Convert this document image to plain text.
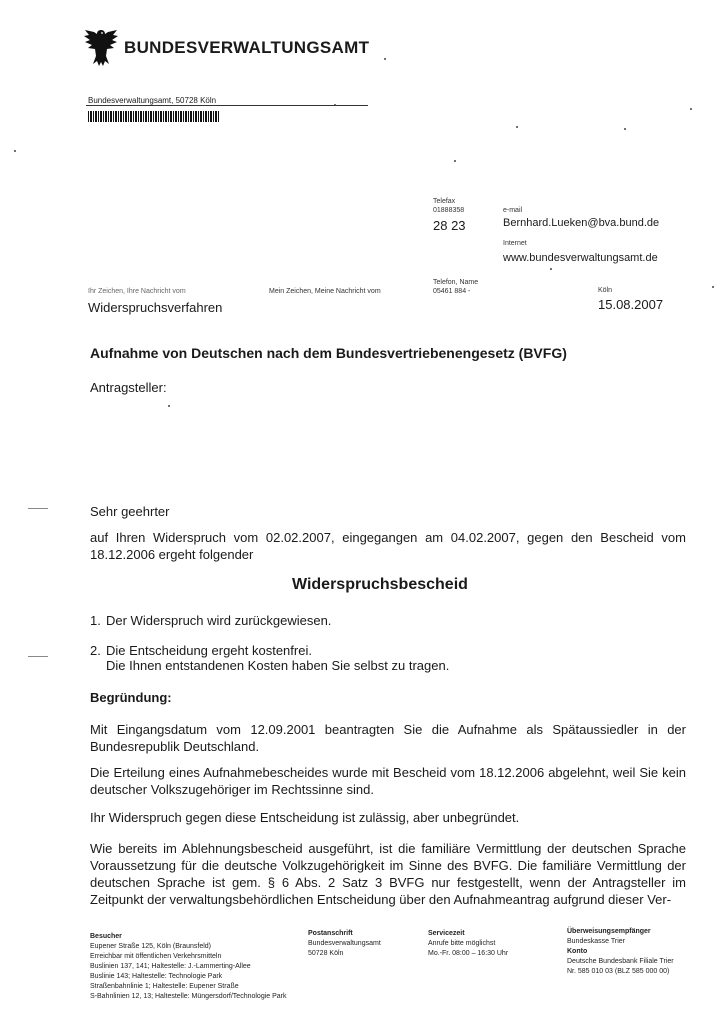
BUNDESVERWALTUNGSAMT
Bundesverwaltungsamt, 50728 Köln
Telefax
01888358
28 23
e-mail
Bernhard.Lueken@bva.bund.de
Internet
www.bundesverwaltungsamt.de
Telefon, Name
05461 884 -	Köln
15.08.2007
Ihr Zeichen, Ihre Nachricht vom	Mein Zeichen, Meine Nachricht vom
Widerspruchsverfahren
Aufnahme von Deutschen nach dem Bundesvertriebenengesetz (BVFG)
Antragsteller:
Sehr geehrter
auf Ihren Widerspruch vom 02.02.2007, eingegangen am 04.02.2007, gegen den Bescheid vom 18.12.2006 ergeht folgender
Widerspruchsbescheid
1. Der Widerspruch wird zurückgewiesen.
2. Die Entscheidung ergeht kostenfrei.
Die Ihnen entstandenen Kosten haben Sie selbst zu tragen.
Begründung:
Mit Eingangsdatum vom 12.09.2001 beantragten Sie die Aufnahme als Spätaussiedler in der Bundesrepublik Deutschland.
Die Erteilung eines Aufnahmebescheides wurde mit Bescheid vom 18.12.2006 abgelehnt, weil Sie kein deutscher Volkszugehöriger im Rechtssinne sind.
Ihr Widerspruch gegen diese Entscheidung ist zulässig, aber unbegründet.
Wie bereits im Ablehnungsbescheid ausgeführt, ist die familiäre Vermittlung der deutschen Sprache Voraussetzung für die deutsche Volkzugehörigkeit im Sinne des BVFG. Die familiäre Vermittlung der deutschen Sprache ist gem. § 6 Abs. 2 Satz 3 BVFG nur festgestellt, wenn der Antragsteller im Zeitpunkt der verwaltungsbehördlichen Entscheidung über den Aufnahmeantrag aufgrund dieser Ver-
Besucher
Eupener Straße 125, Köln (Braunsfeld)
Erreichbar mit öffentlichen Verkehrsmitteln
Buslinien 137, 141; Haltestelle: J.-Lammerting-Allee
Buslinie 143; Haltestelle: Technologie Park
Straßenbahnlinie 1; Haltestelle: Eupener Straße
S-Bahnlinien 12, 13; Haltestelle: Müngersdorf/Technologie Park
Postanschrift
Bundesverwaltungsamt
50728 Köln
Servicezeit
Anrufe bitte möglichst
Mo.-Fr. 08:00 – 16:30 Uhr
Überweisungsempfänger
Bundeskasse Trier
Konto
Deutsche Bundesbank Filiale Trier
Nr. 585 010 03 (BLZ 585 000 00)
